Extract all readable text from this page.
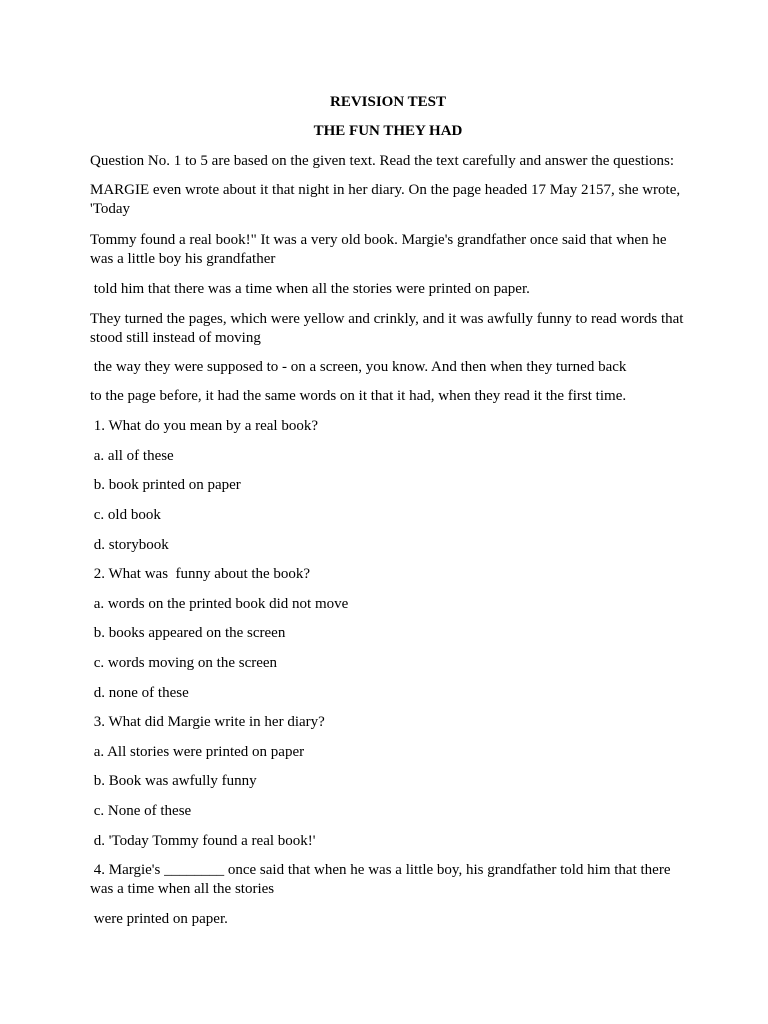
REVISION TEST
THE FUN THEY HAD
Question No. 1 to 5 are based on the given text. Read the text carefully and answer the questions:
MARGIE even wrote about it that night in her diary. On the page headed 17 May 2157, she wrote, 'Today
Tommy found a real book!" It was a very old book. Margie's grandfather once said that when he was a little boy his grandfather
told him that there was a time when all the stories were printed on paper.
They turned the pages, which were yellow and crinkly, and it was awfully funny to read words that stood still instead of moving
the way they were supposed to - on a screen, you know. And then when they turned back
to the page before, it had the same words on it that it had, when they read it the first time.
1. What do you mean by a real book?
a. all of these
b. book printed on paper
c. old book
d. storybook
2. What was  funny about the book?
a. words on the printed book did not move
b. books appeared on the screen
c. words moving on the screen
d. none of these
3. What did Margie write in her diary?
a. All stories were printed on paper
b. Book was awfully funny
c. None of these
d. 'Today Tommy found a real book!'
4. Margie's ________ once said that when he was a little boy, his grandfather told him that there was a time when all the stories
were printed on paper.
